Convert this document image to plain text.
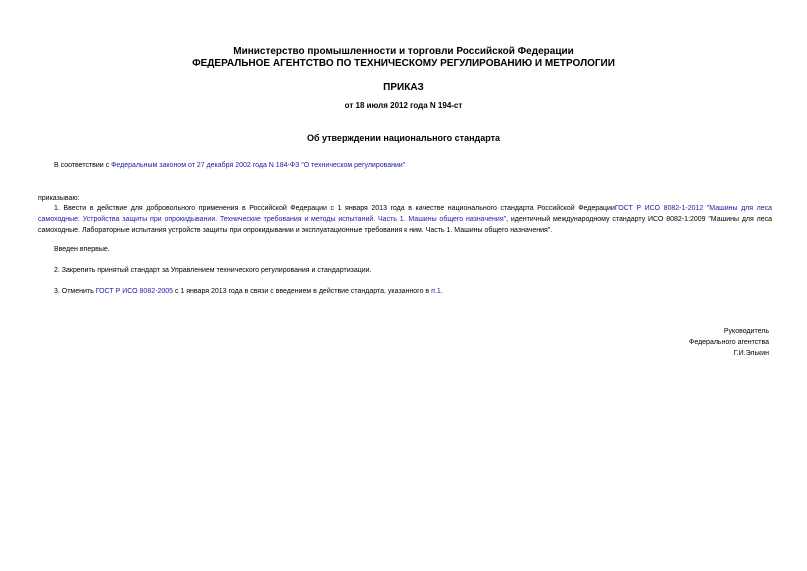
Министерство промышленности и торговли Российской Федерации
ФЕДЕРАЛЬНОЕ АГЕНТСТВО ПО ТЕХНИЧЕСКОМУ РЕГУЛИРОВАНИЮ И МЕТРОЛОГИИ
ПРИКАЗ
от 18 июля 2012 года N 194-ст
Об утверждении национального стандарта
В соответствии с Федеральным законом от 27 декабря 2002 года N 184-ФЗ "О техническом регулировании"
приказываю:
1. Ввести в действие для добровольного применения в Российской Федерации с 1 января 2013 года в качестве национального стандарта Российской ФедерацииГОСТ Р ИСО 8082-1-2012 "Машины для леса самоходные. Устройства защиты при опрокидывании. Технические требования и методы испытаний. Часть 1. Машины общего назначения", идентичный международному стандарту ИСО 8082-1:2009 "Машины для леса самоходные. Лабораторные испытания устройств защиты при опрокидывании и эксплуатационные требования к ним. Часть 1. Машины общего назначения".
Введен впервые.
2. Закрепить принятый стандарт за Управлением технического регулирования и стандартизации.
3. Отменить ГОСТ Р ИСО 8082-2005 с 1 января 2013 года в связи с введением в действие стандарта, указанного в п.1.
Руководитель
Федерального агентства
Г.И.Элькин
